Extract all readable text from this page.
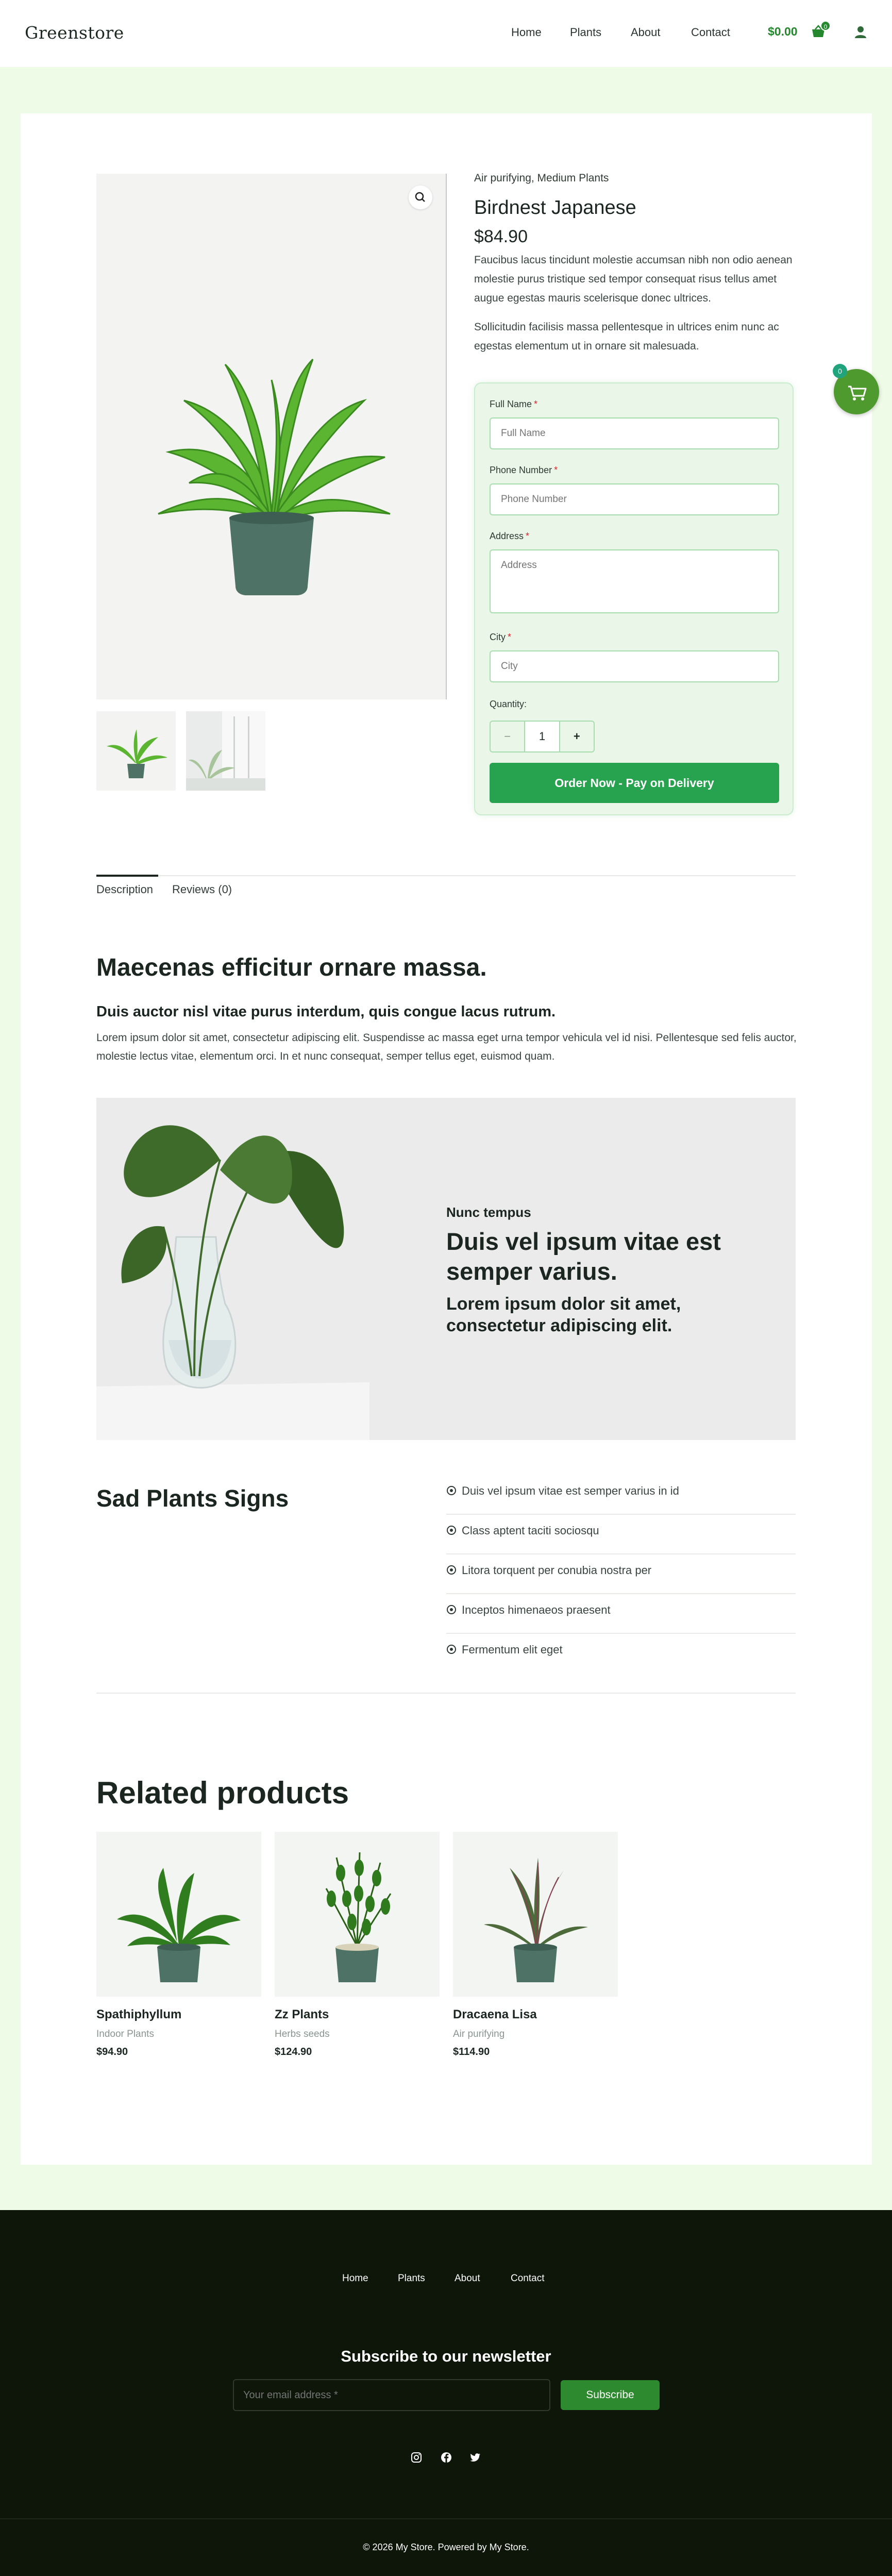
Greenstore	Home	Plants	About	Contact	$0.00	0
Air purifying, Medium Plants
Birdnest Japanese
$84.90
Faucibus lacus tincidunt molestie accumsan nibh non odio aenean molestie purus tristique sed tempor consequat risus tellus amet augue egestas mauris scelerisque donec ultrices.
Sollicitudin facilisis massa pellentesque in ultrices enim nunc ac egestas elementum ut in ornare sit malesuada.
Full Name *
Full Name
Phone Number *
Phone Number
Address *
Address
City *
City
Quantity:
−	1	+
Order Now - Pay on Delivery
0
Description Reviews (0)
Maecenas efficitur ornare massa.
Duis auctor nisl vitae purus interdum, quis congue lacus rutrum.
Lorem ipsum dolor sit amet, consectetur adipiscing elit. Suspendisse ac massa eget urna tempor vehicula vel id nisi. Pellentesque sed felis auctor, molestie lectus vitae, elementum orci. In et nunc consequat, semper tellus eget, euismod quam.
Nunc tempus
Duis vel ipsum vitae est semper varius.
Lorem ipsum dolor sit amet, consectetur adipiscing elit.
Sad Plants Signs	Duis vel ipsum vitae est semper varius in id
Class aptent taciti sociosqu
Litora torquent per conubia nostra per
Inceptos himenaeos praesent
Fermentum elit eget
Related products
Spathiphyllum
Indoor Plants
$94.90
Zz Plants
Herbs seeds
$124.90
Dracaena Lisa
Air purifying
$114.90
Home	Plants	About	Contact
Subscribe to our newsletter
Your email address *
Subscribe
© 2026 My Store. Powered by My Store.
